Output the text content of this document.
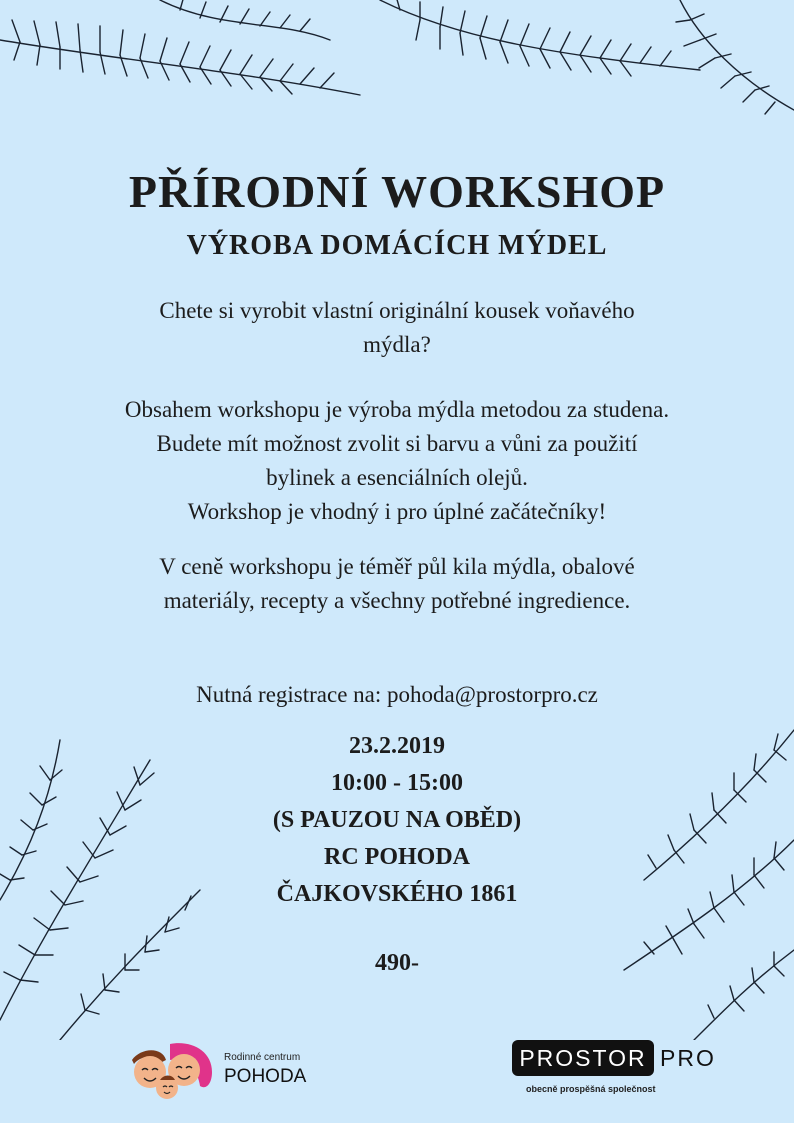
PŘÍRODNÍ WORKSHOP
VÝROBA DOMÁCÍCH MÝDEL

Chete si vyrobit vlastní originální kousek voňavého
mýdla?

Obsahem workshopu je výroba mýdla metodou za studena.
Budete mít možnost zvolit si barvu a vůni za použití
bylinek a esenciálních olejů.
Workshop je vhodný i pro úplné začátečníky!

V ceně workshopu je téměř půl kila mýdla, obalové
materiály, recepty a všechny potřebné ingredience.

Nutná registrace na: pohoda@prostorpro.cz

23.2.2019
10:00 - 15:00
(S PAUZOU NA OBĚD)
RC POHODA
ČAJKOVSKÉHO 1861
490-
Rodinné centrum
POHODA
PROSTOR PRO
obecně prospěšná společnost
